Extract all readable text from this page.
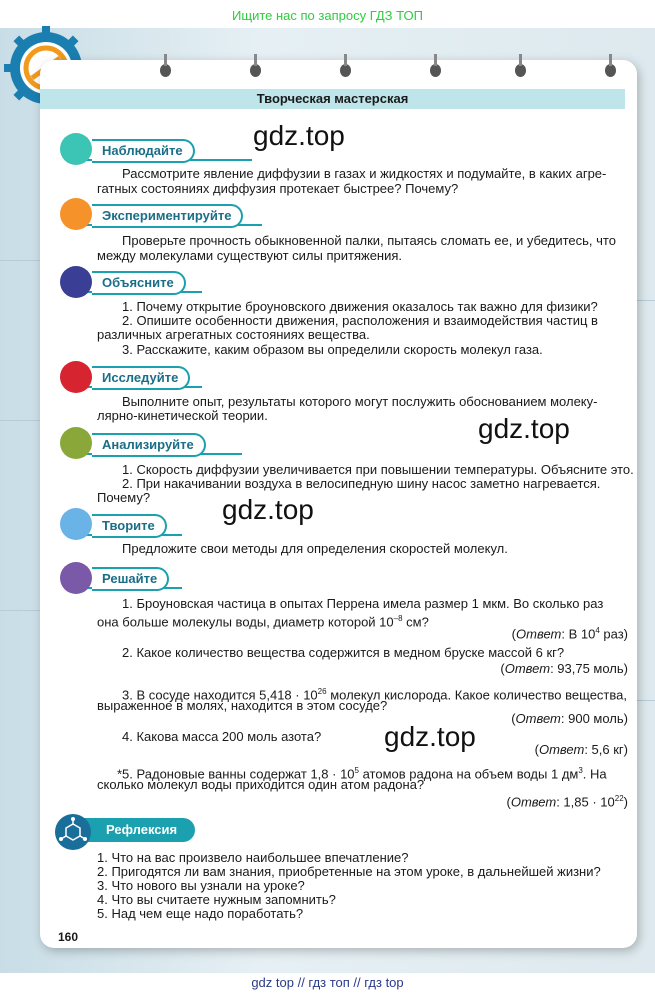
Ищите нас по запросу ГДЗ ТОП
Творческая мастерская
gdz.top
gdz.top
gdz.top
gdz.top
Наблюдайте
Рассмотрите явление диффузии в газах и жидкостях и подумайте, в каких агре-
гатных состояниях диффузия протекает быстрее? Почему?
Экспериментируйте
Проверьте прочность обыкновенной палки, пытаясь сломать ее, и убедитесь, что
между молекулами существуют силы притяжения.
Объясните
1. Почему открытие броуновского движения оказалось так важно для физики?
2. Опишите особенности движения, расположения и взаимодействия частиц в
различных агрегатных состояниях вещества.
3. Расскажите, каким образом вы определили скорость молекул газа.
Исследуйте
Выполните опыт, результаты которого могут послужить обоснованием молеку-
лярно-кинетической теории.
Анализируйте
1. Скорость диффузии увеличивается при повышении температуры. Объясните это.
2. При накачивании воздуха в велосипедную шину насос заметно нагревается.
Почему?
Творите
Предложите свои методы для определения скоростей молекул.
Решайте
1. Броуновская частица в опытах Перрена имела размер 1 мкм. Во сколько раз
она больше молекулы воды, диаметр которой $10^{-8}$ см?
(Ответ: В $10^4$ раз)
2. Какое количество вещества содержится в медном бруске массой 6 кг?
(Ответ: 93,75 моль)
3. В сосуде находится $5,418 \cdot 10^{26}$ молекул кислорода. Какое количество вещества,
выраженное в молях, находится в этом сосуде?
(Ответ: 900 моль)
4. Какова масса 200 моль азота?
(Ответ: 5,6 кг)
*5. Радоновые ванны содержат $1,8 \cdot 10^5$ атомов радона на объем воды 1 $дм^3$. На
сколько молекул воды приходится один атом радона?
(Ответ: $1,85 \cdot 10^{22}$)
Рефлексия
1. Что на вас произвело наибольшее впечатление?
2. Пригодятся ли вам знания, приобретенные на этом уроке, в дальнейшей жизни?
3. Что нового вы узнали на уроке?
4. Что вы считаете нужным запомнить?
5. Над чем еще надо поработать?
160
gdz top // гдз топ // гдз top
